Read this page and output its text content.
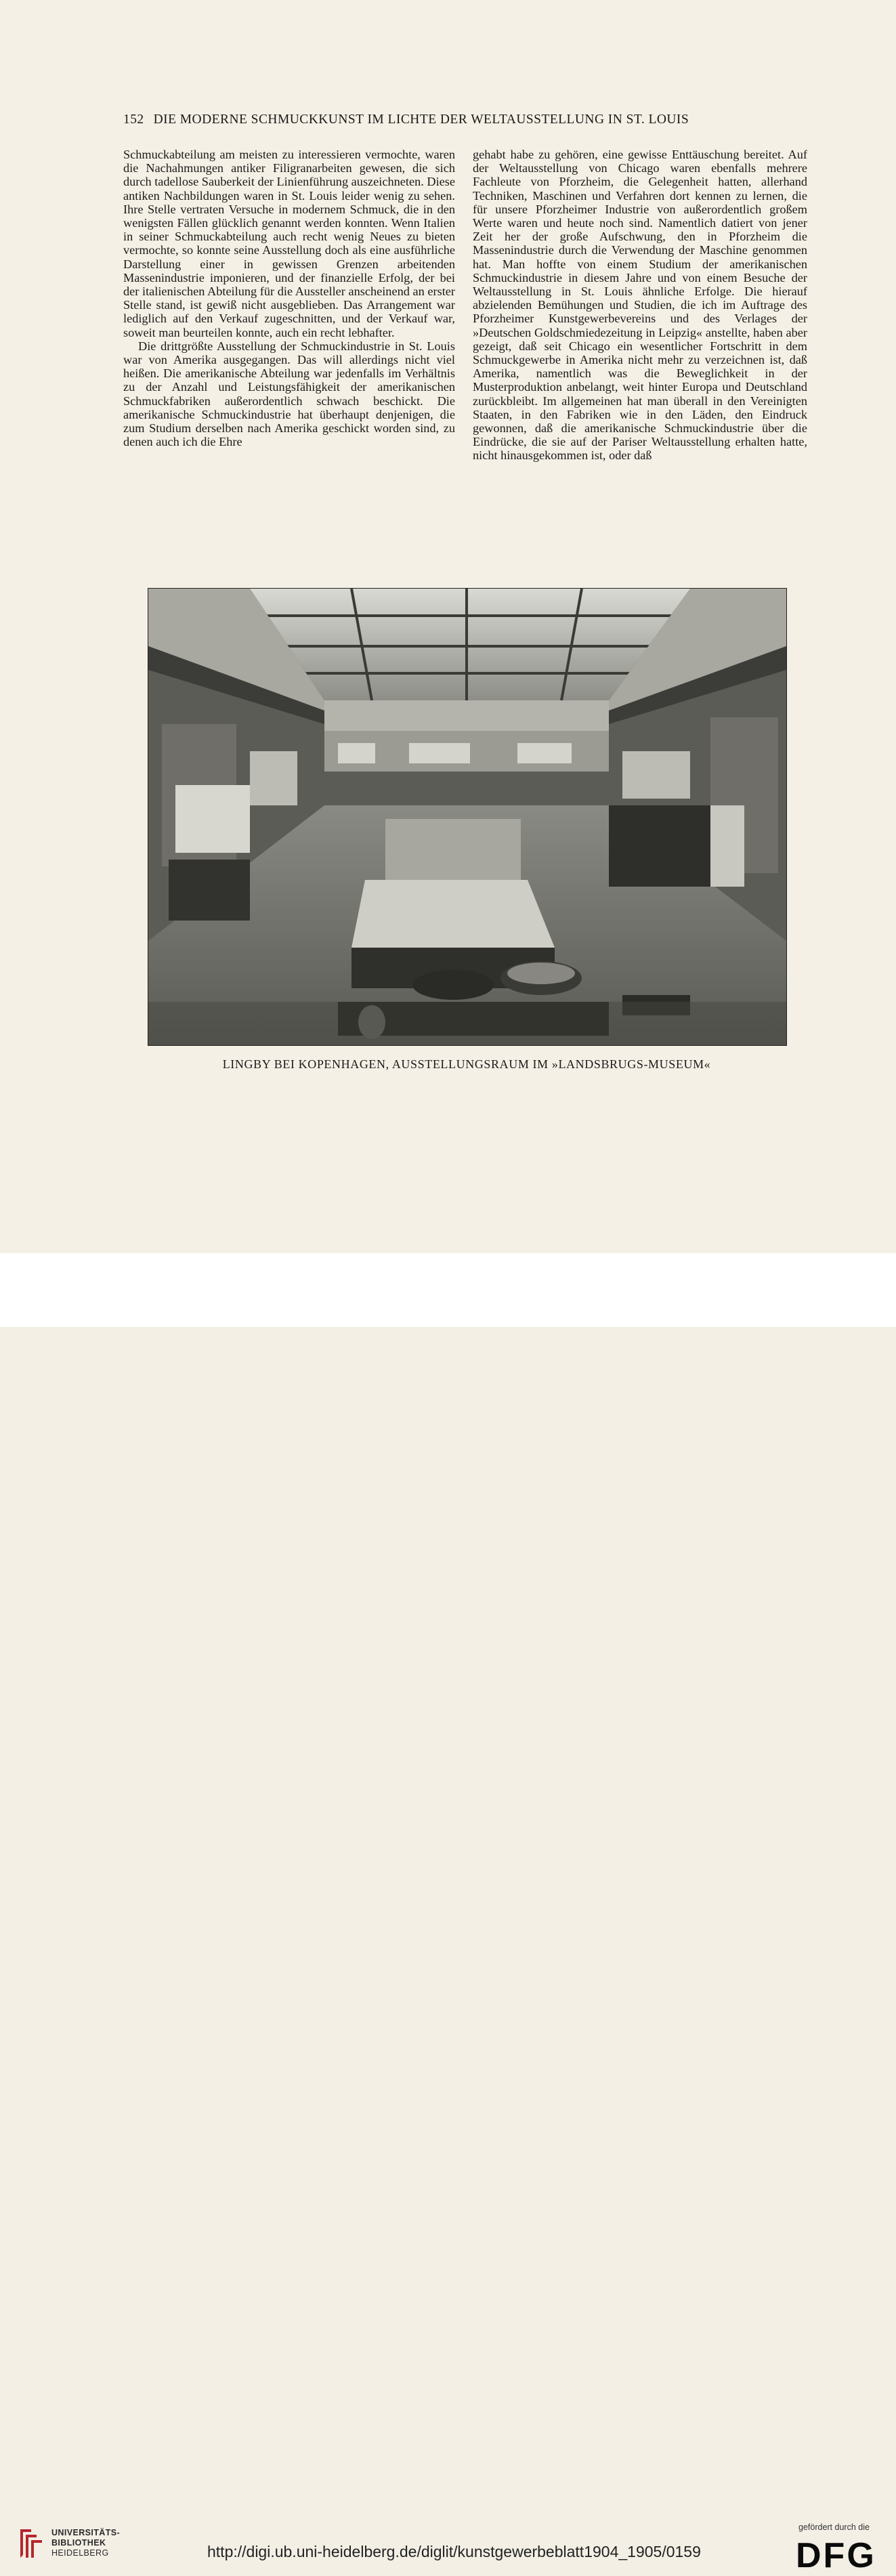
152 DIE MODERNE SCHMUCKKUNST IM LICHTE DER WELTAUSSTELLUNG IN ST. LOUIS

Schmuckabteilung am meisten zu interessieren vermochte, waren die Nachahmungen antiker Filigranarbeiten gewesen, die sich durch tadellose Sauberkeit der Linienführung auszeichneten. Diese antiken Nachbildungen waren in St. Louis leider wenig zu sehen. Ihre Stelle vertraten Versuche in modernem Schmuck, die in den wenigsten Fällen glücklich genannt werden konnten. Wenn Italien in seiner Schmuckabteilung auch recht wenig Neues zu bieten vermochte, so konnte seine Ausstellung doch als eine ausführliche Darstellung einer in gewissen Grenzen arbeitenden Massenindustrie imponieren, und der finanzielle Erfolg, der bei der italienischen Abteilung für die Aussteller anscheinend an erster Stelle stand, ist gewiß nicht ausgeblieben. Das Arrangement war lediglich auf den Verkauf zugeschnitten, und der Verkauf war, soweit man beurteilen konnte, auch ein recht lebhafter.

Die drittgrößte Ausstellung der Schmuckindustrie in St. Louis war von Amerika ausgegangen. Das will allerdings nicht viel heißen. Die amerikanische Abteilung war jedenfalls im Verhältnis zu der Anzahl und Leistungsfähigkeit der amerikanischen Schmuckfabriken außerordentlich schwach beschickt. Die amerikanische Schmuckindustrie hat überhaupt denjenigen, die zum Studium derselben nach Amerika geschickt worden sind, zu denen auch ich die Ehre

gehabt habe zu gehören, eine gewisse Enttäuschung bereitet. Auf der Weltausstellung von Chicago waren ebenfalls mehrere Fachleute von Pforzheim, die Gelegenheit hatten, allerhand Techniken, Maschinen und Verfahren dort kennen zu lernen, die für unsere Pforzheimer Industrie von außerordentlich großem Werte waren und heute noch sind. Namentlich datiert von jener Zeit her der große Aufschwung, den in Pforzheim die Massenindustrie durch die Verwendung der Maschine genommen hat. Man hoffte von einem Studium der amerikanischen Schmuckindustrie in diesem Jahre und von einem Besuche der Weltausstellung in St. Louis ähnliche Erfolge. Die hierauf abzielenden Bemühungen und Studien, die ich im Auftrage des Pforzheimer Kunstgewerbevereins und des Verlages der »Deutschen Goldschmiedezeitung in Leipzig« anstellte, haben aber gezeigt, daß seit Chicago ein wesentlicher Fortschritt in dem Schmuckgewerbe in Amerika nicht mehr zu verzeichnen ist, daß Amerika, namentlich was die Beweglichkeit in der Musterproduktion anbelangt, weit hinter Europa und Deutschland zurückbleibt. Im allgemeinen hat man überall in den Vereinigten Staaten, in den Fabriken wie in den Läden, den Eindruck gewonnen, daß die amerikanische Schmuckindustrie über die Eindrücke, die sie auf der Pariser Weltausstellung erhalten hatte, nicht hinausgekommen ist, oder daß

LINGBY BEI KOPENHAGEN, AUSSTELLUNGSRAUM IM »LANDSBRUGS-MUSEUM«
UNIVERSITÄTS-
BIBLIOTHEK
HEIDELBERG	http://digi.ub.uni-heidelberg.de/diglit/kunstgewerbeblatt1904_1905/0159
gefördert durch die
DFG
